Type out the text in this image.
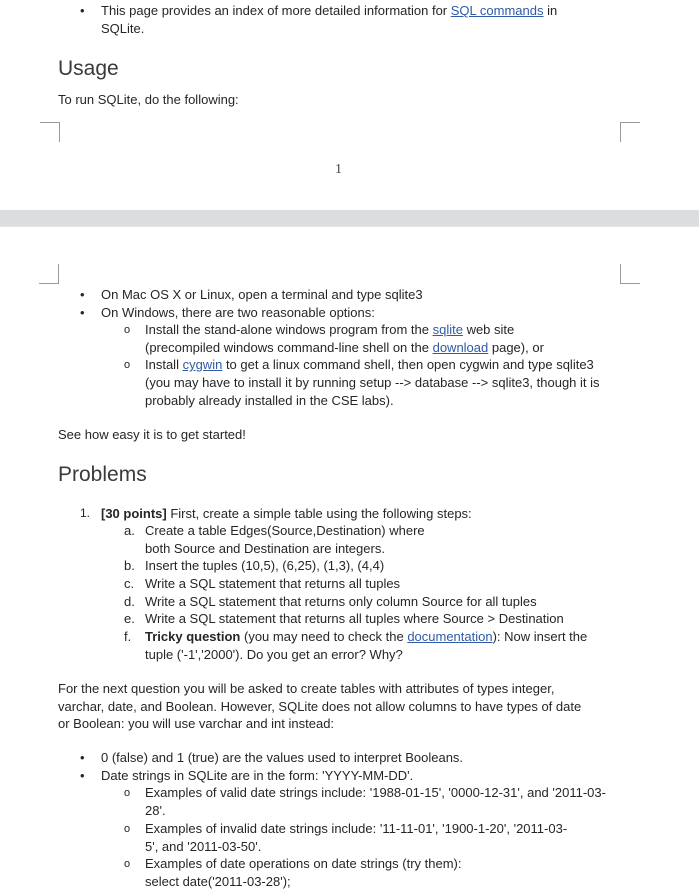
• This page provides an index of more detailed information for SQL commands in
SQLite.
Usage
To run SQLite, do the following:
1
• On Mac OS X or Linux, open a terminal and type sqlite3
• On Windows, there are two reasonable options:
o Install the stand-alone windows program from the sqlite web site
(precompiled windows command-line shell on the download page), or
o Install cygwin to get a linux command shell, then open cygwin and type sqlite3
(you may have to install it by running setup --> database --> sqlite3, though it is
probably already installed in the CSE labs).
See how easy it is to get started!
Problems
1. [30 points] First, create a simple table using the following steps:
a. Create a table Edges(Source,Destination) where
both Source and Destination are integers.
b. Insert the tuples (10,5), (6,25), (1,3), (4,4)
c. Write a SQL statement that returns all tuples
d. Write a SQL statement that returns only column Source for all tuples
e. Write a SQL statement that returns all tuples where Source > Destination
f. Tricky question (you may need to check the documentation): Now insert the
tuple ('-1','2000'). Do you get an error? Why?
For the next question you will be asked to create tables with attributes of types integer,
varchar, date, and Boolean. However, SQLite does not allow columns to have types of date
or Boolean: you will use varchar and int instead:
• 0 (false) and 1 (true) are the values used to interpret Booleans.
• Date strings in SQLite are in the form: 'YYYY-MM-DD'.
o Examples of valid date strings include: '1988-01-15', '0000-12-31', and '2011-03-
28'.
o Examples of invalid date strings include: '11-11-01', '1900-1-20', '2011-03-
5', and '2011-03-50'.
o Examples of date operations on date strings (try them):
select date('2011-03-28');
